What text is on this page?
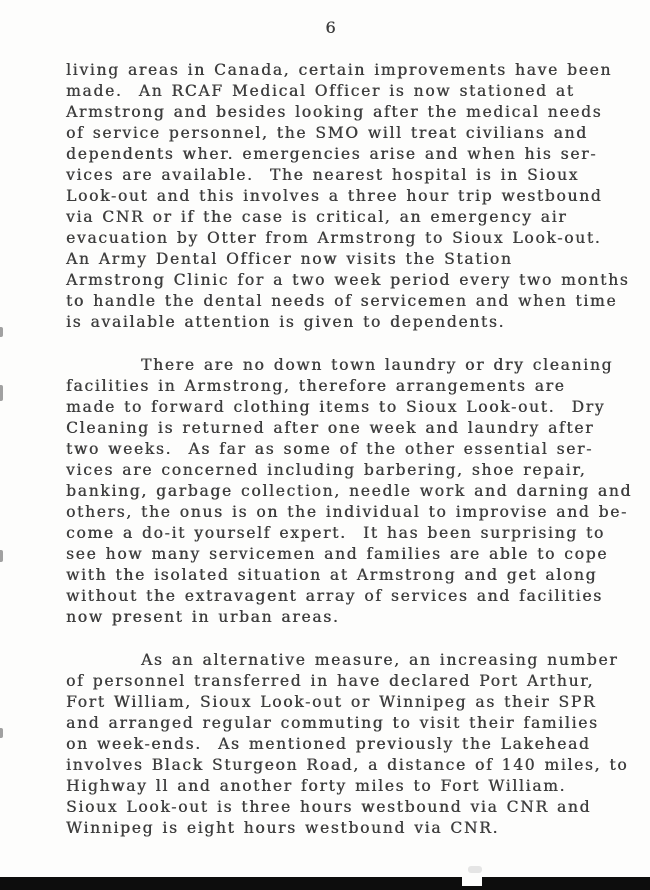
6
living areas in Canada, certain improvements have been
made.  An RCAF Medical Officer is now stationed at
Armstrong and besides looking after the medical needs
of service personnel, the SMO will treat civilians and
dependents wher. emergencies arise and when his ser-
vices are available.  The nearest hospital is in Sioux
Look-out and this involves a three hour trip westbound
via CNR or if the case is critical, an emergency air
evacuation by Otter from Armstrong to Sioux Look-out.
An Army Dental Officer now visits the Station
Armstrong Clinic for a two week period every two months
to handle the dental needs of servicemen and when time
is available attention is given to dependents.
There are no down town laundry or dry cleaning
facilities in Armstrong, therefore arrangements are
made to forward clothing items to Sioux Look-out.  Dry
Cleaning is returned after one week and laundry after
two weeks.  As far as some of the other essential ser-
vices are concerned including barbering, shoe repair,
banking, garbage collection, needle work and darning and
others, the onus is on the individual to improvise and be-
come a do-it yourself expert.  It has been surprising to
see how many servicemen and families are able to cope
with the isolated situation at Armstrong and get along
without the extravagent array of services and facilities
now present in urban areas.
As an alternative measure, an increasing number
of personnel transferred in have declared Port Arthur,
Fort William, Sioux Look-out or Winnipeg as their SPR
and arranged regular commuting to visit their families
on week-ends.  As mentioned previously the Lakehead
involves Black Sturgeon Road, a distance of 140 miles, to
Highway ll and another forty miles to Fort William.
Sioux Look-out is three hours westbound via CNR and
Winnipeg is eight hours westbound via CNR.
